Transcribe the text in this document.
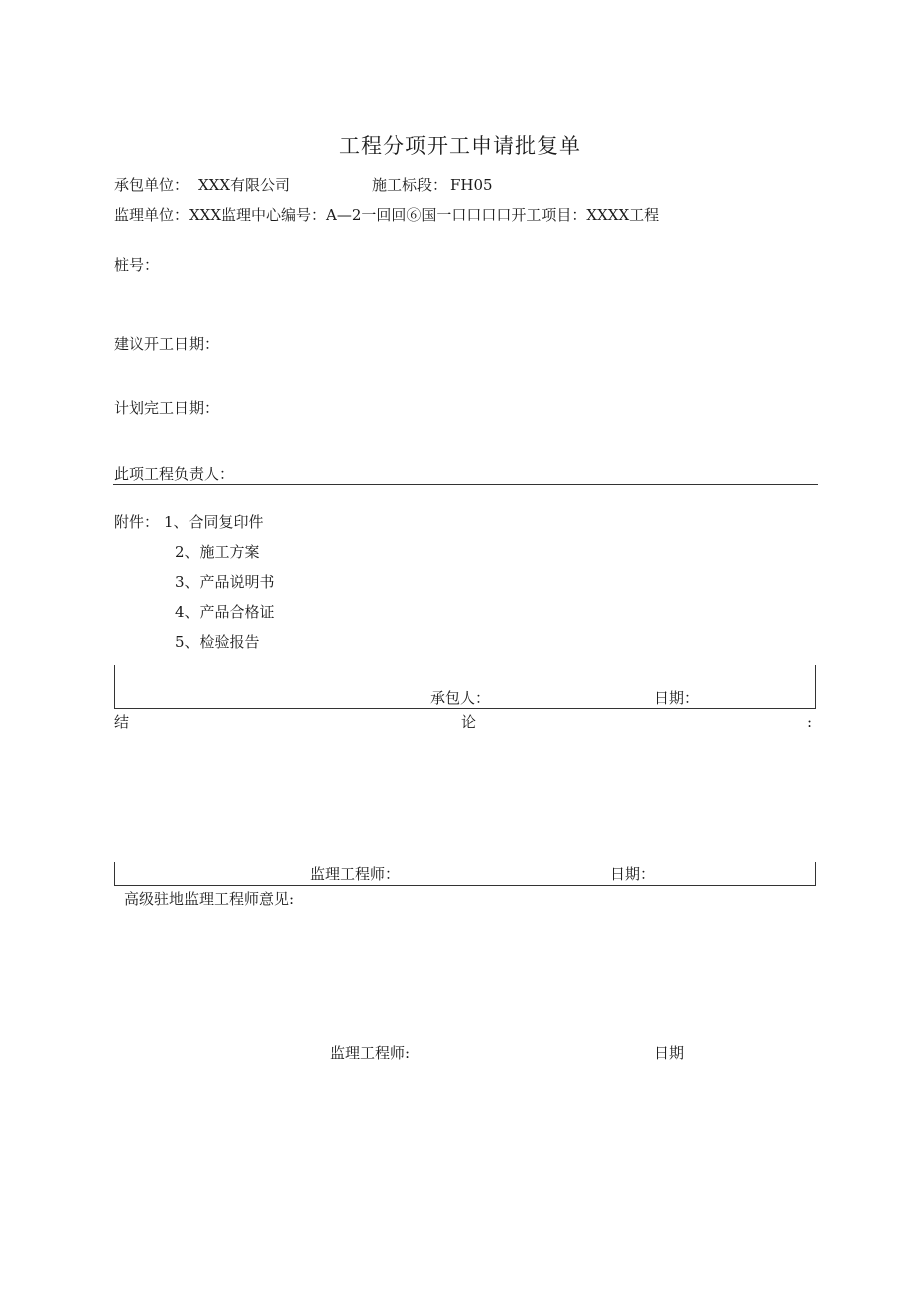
工程分项开工申请批复单
承包单位： XXX有限公司	施工标段： FH05
监理单位：XXX监理中心编号：A—2一回回⑥国一口口口口开工项目：XXXX工程
桩号：
建议开工日期：
计划完工日期：
此项工程负责人：
附件： 1、合同复印件
2、施工方案
3、产品说明书
4、产品合格证
5、检验报告
承包人：	日期：
结	论	:
监理工程师：	日期：
高级驻地监理工程师意见:
监理工程师:	日期
